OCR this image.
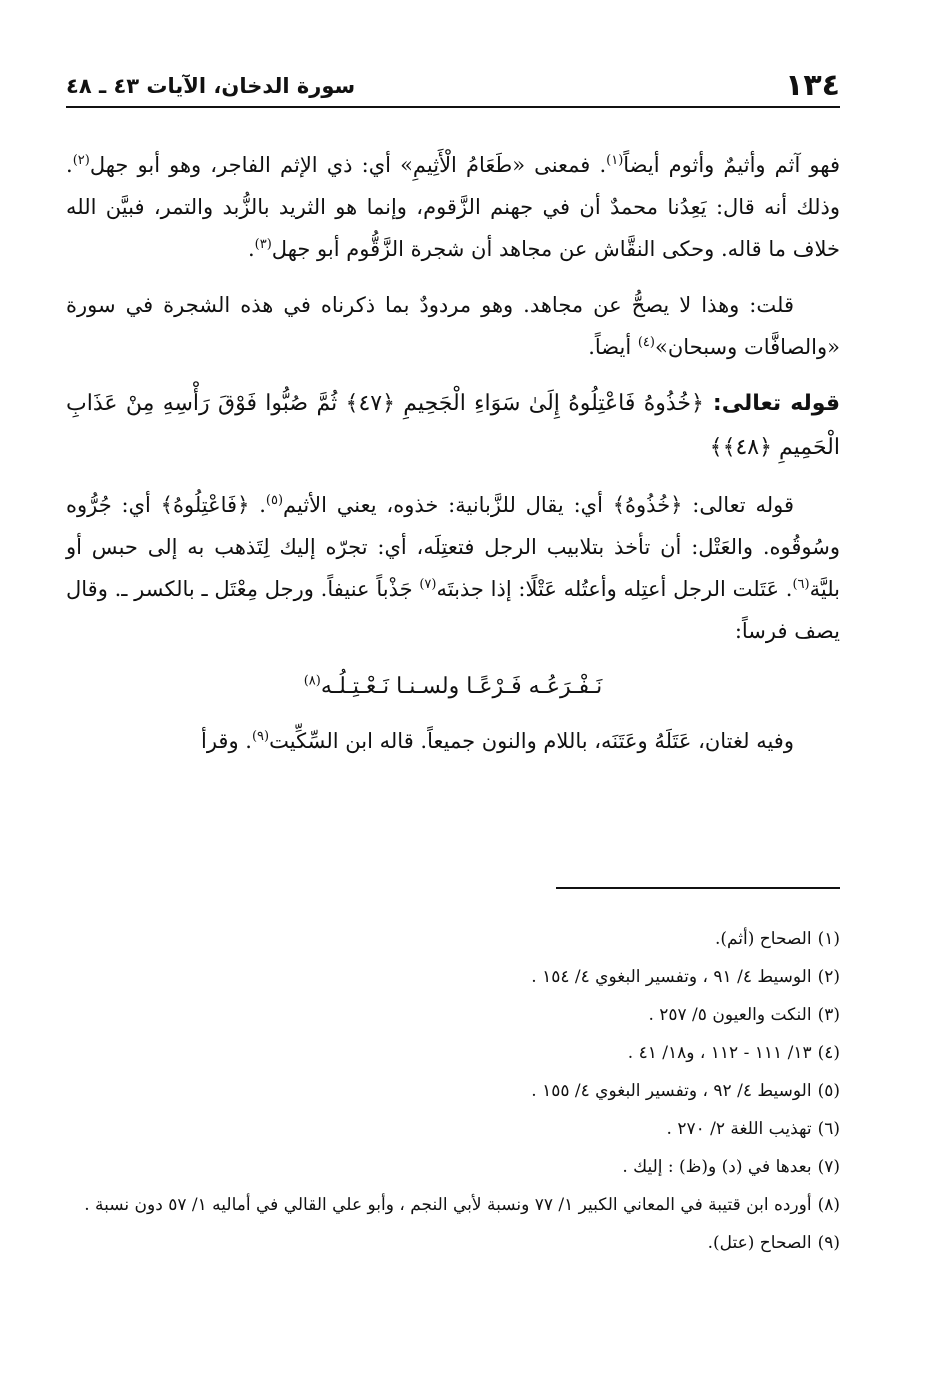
١٣٤
سورة الدخان، الآيات ٤٣ ـ ٤٨

فهو آثم وأثيمٌ وأثوم أيضاً$^{(١)}$. فمعنى «طَعَامُ الْأَثِيمِ» أي: ذي الإثم الفاجر، وهو أبو جهل$^{(٢)}$. وذلك أنه قال: يَعِدُنا محمدٌ أن في جهنم الزَّقوم، وإنما هو الثريد بالزُّبد والتمر، فبيَّن الله خلاف ما قاله. وحكى النقَّاش عن مجاهد أن شجرة الزَّقُّوم أبو جهل$^{(٣)}$.

قلت: وهذا لا يصحُّ عن مجاهد. وهو مردودٌ بما ذكرناه في هذه الشجرة في سورة «والصافَّات وسبحان»$^{(٤)}$ أيضاً.

قوله تعالى: ﴿خُذُوهُ فَاعْتِلُوهُ إِلَىٰ سَوَاءِ الْجَحِيمِ ﴿٤٧﴾ ثُمَّ صُبُّوا فَوْقَ رَأْسِهِ مِنْ عَذَابِ الْحَمِيمِ ﴿٤٨﴾﴾

قوله تعالى: ﴿خُذُوهُ﴾ أي: يقال للزَّبانية: خذوه، يعني الأثيم$^{(٥)}$. ﴿فَاعْتِلُوهُ﴾ أي: جُرُّوه وسُوقُوه. والعَتْل: أن تأخذ بتلابيب الرجل فتعتِلَه، أي: تجرّه إليك لِتَذهب به إلى حبس أو بليَّة$^{(٦)}$. عَتَلت الرجل أعتِله وأعتُله عَتْلًا: إذا جذبتَه$^{(٧)}$ جَذْباً عنيفاً. ورجل مِعْتَل ـ بالكسر ـ. وقال يصف فرساً:

نَـفْـرَعُـه فَـرْعًـا ولسـنـا نَـعْـتِـلُـه$^{(٨)}$

وفيه لغتان، عَتَلَهُ وعَتَنَه، باللام والنون جميعاً. قاله ابن السِّكِّيت$^{(٩)}$. وقرأ

(١)الصحاح (أثم).
(٢)الوسيط ٤/ ٩١ ، وتفسير البغوي ٤/ ١٥٤ .
(٣)النكت والعيون ٥/ ٢٥٧ .
(٤)١٣/ ١١١ - ١١٢ ، و١٨/ ٤١ .
(٥)الوسيط ٤/ ٩٢ ، وتفسير البغوي ٤/ ١٥٥ .
(٦)تهذيب اللغة ٢/ ٢٧٠ .
(٧)بعدها في (د) و(ظ) : إليك .
(٨)أورده ابن قتيبة في المعاني الكبير ١/ ٧٧ ونسبة لأبي النجم ، وأبو علي القالي في أماليه ١/ ٥٧ دون نسبة .
(٩)الصحاح (عتل).
